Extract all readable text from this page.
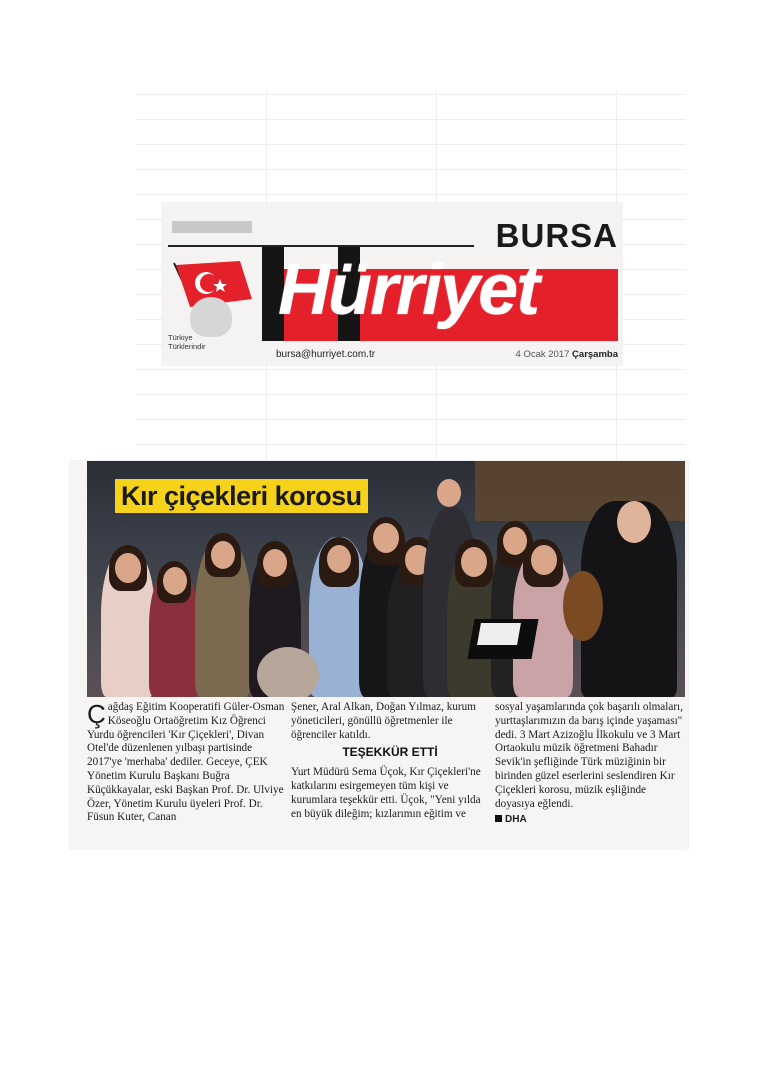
BURSA
Türkiye Türklerindir
Hürriyet
bursa@hurriyet.com.tr	4 Ocak 2017 Çarşamba
Kır çiçekleri korosu

Çağdaş Eğitim Kooperatifi Güler-Osman Köseoğlu Ortaöğretim Kız Öğrenci Yurdu öğrencileri 'Kır Çiçekleri', Divan Otel'de düzenlenen yılbaşı partisinde 2017'ye 'merhaba' dediler. Geceye, ÇEK Yönetim Kurulu Başkanı Buğra Küçükkayalar, eski Başkan Prof. Dr. Ulviye Özer, Yönetim Kurulu üyeleri Prof. Dr. Füsun Kuter, Canan

Şener, Aral Alkan, Doğan Yılmaz, kurum yöneticileri, gönüllü öğretmenler ile öğrenciler katıldı.

TEŞEKKÜR ETTİ

Yurt Müdürü Sema Üçok, Kır Çiçekleri'ne katkılarını esirgemeyen tüm kişi ve kurumlara teşekkür etti. Üçok, "Yeni yılda en büyük dileğim; kızlarımın eğitim ve

sosyal yaşamlarında çok başarılı olmaları, yurttaşlarımızın da barış içinde yaşaması" dedi. 3 Mart Azizoğlu İlkokulu ve 3 Mart Ortaokulu müzik öğretmeni Bahadır Sevik'in şefliğinde Türk müziğinin bir birinden güzel eserlerini seslendiren Kır Çiçekleri korosu, müzik eşliğinde doyasıya eğlendi.

DHA
